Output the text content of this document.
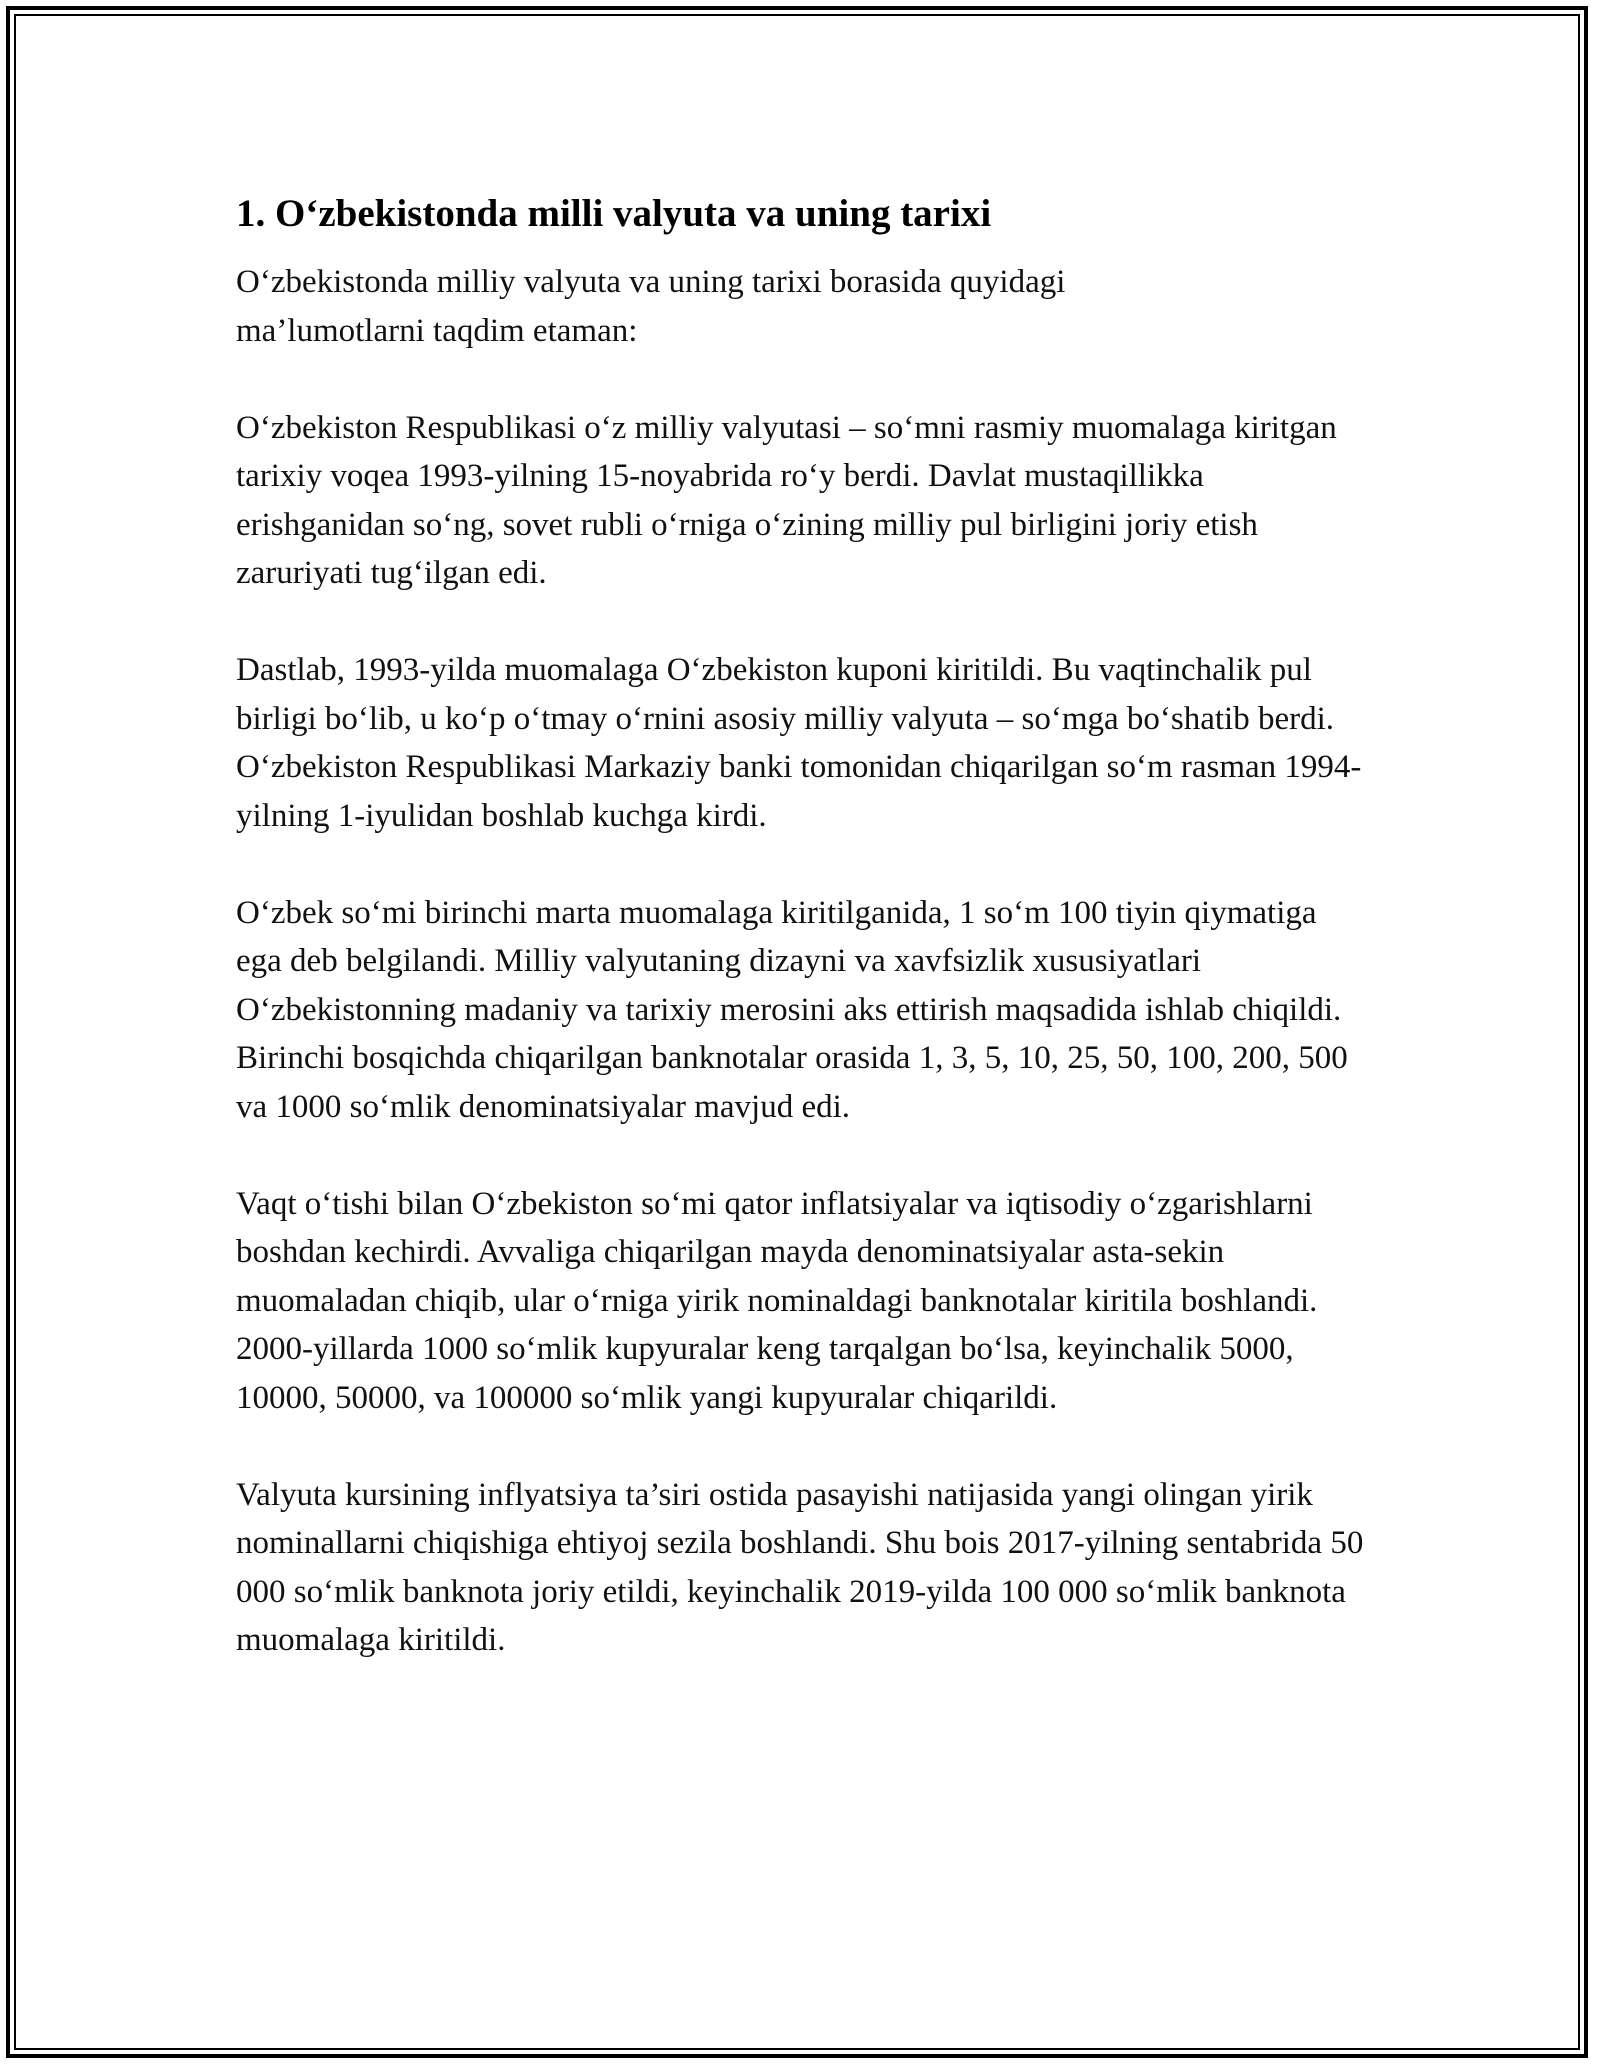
1. O‘zbekistonda milli valyuta va uning tarixi

O‘zbekistonda milliy valyuta va uning tarixi borasida quyidagi ma’lumotlarni taqdim etaman:

O‘zbekiston Respublikasi o‘z milliy valyutasi – so‘mni rasmiy muomalaga kiritgan tarixiy voqea 1993-yilning 15-noyabrida ro‘y berdi. Davlat mustaqillikka erishganidan so‘ng, sovet rubli o‘rniga o‘zining milliy pul birligini joriy etish zaruriyati tug‘ilgan edi.

Dastlab, 1993-yilda muomalaga O‘zbekiston kuponi kiritildi. Bu vaqtinchalik pul birligi bo‘lib, u ko‘p o‘tmay o‘rnini asosiy milliy valyuta – so‘mga bo‘shatib berdi. O‘zbekiston Respublikasi Markaziy banki tomonidan chiqarilgan so‘m rasman 1994-yilning 1-iyulidan boshlab kuchga kirdi.

O‘zbek so‘mi birinchi marta muomalaga kiritilganida, 1 so‘m 100 tiyin qiymatiga ega deb belgilandi. Milliy valyutaning dizayni va xavfsizlik xususiyatlari O‘zbekistonning madaniy va tarixiy merosini aks ettirish maqsadida ishlab chiqildi. Birinchi bosqichda chiqarilgan banknotalar orasida 1, 3, 5, 10, 25, 50, 100, 200, 500 va 1000 so‘mlik denominatsiyalar mavjud edi.

Vaqt o‘tishi bilan O‘zbekiston so‘mi qator inflatsiyalar va iqtisodiy o‘zgarishlarni boshdan kechirdi. Avvaliga chiqarilgan mayda denominatsiyalar asta-sekin muomaladan chiqib, ular o‘rniga yirik nominaldagi banknotalar kiritila boshlandi. 2000-yillarda 1000 so‘mlik kupyuralar keng tarqalgan bo‘lsa, keyinchalik 5000, 10000, 50000, va 100000 so‘mlik yangi kupyuralar chiqarildi.

Valyuta kursining inflyatsiya ta’siri ostida pasayishi natijasida yangi olingan yirik nominallarni chiqishiga ehtiyoj sezila boshlandi. Shu bois 2017-yilning sentabrida 50 000 so‘mlik banknota joriy etildi, keyinchalik 2019-yilda 100 000 so‘mlik banknota muomalaga kiritildi.
